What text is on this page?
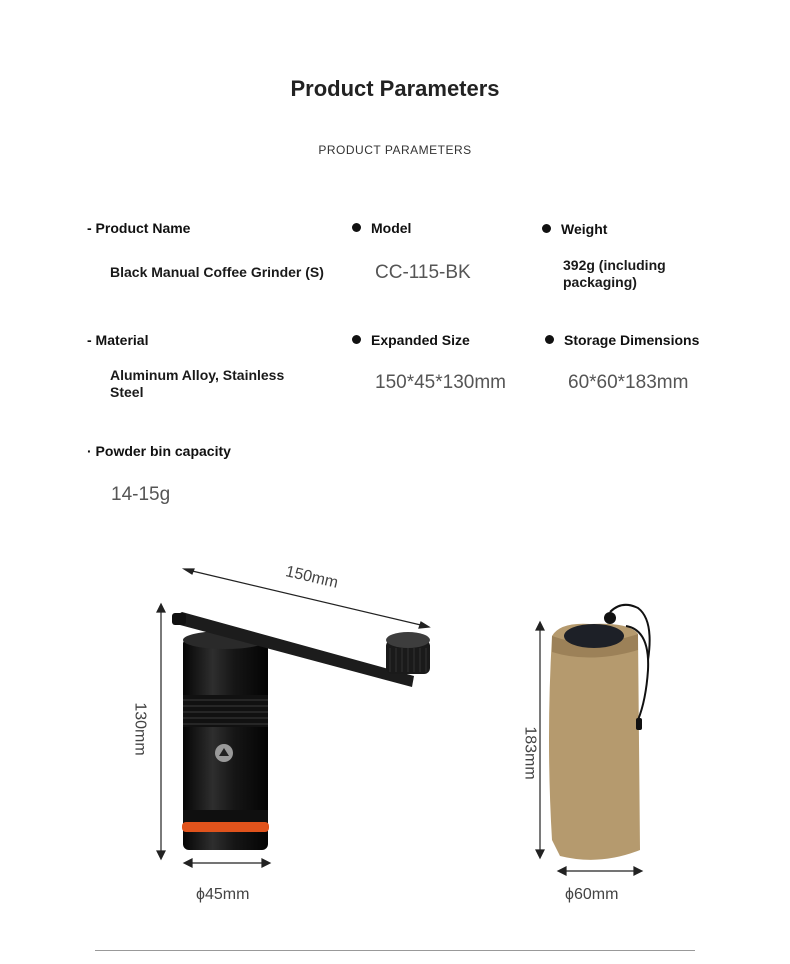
Product Parameters
PRODUCT PARAMETERS
- Product Name
Black Manual Coffee Grinder (S)
Model
CC-115-BK
Weight
392g (including
packaging)
- Material
Aluminum Alloy, Stainless
Steel
Expanded Size
150*45*130mm
Storage Dimensions
60*60*183mm
· Powder bin capacity
14-15g
150mm
130mm
ϕ45mm
183mm
ϕ60mm
